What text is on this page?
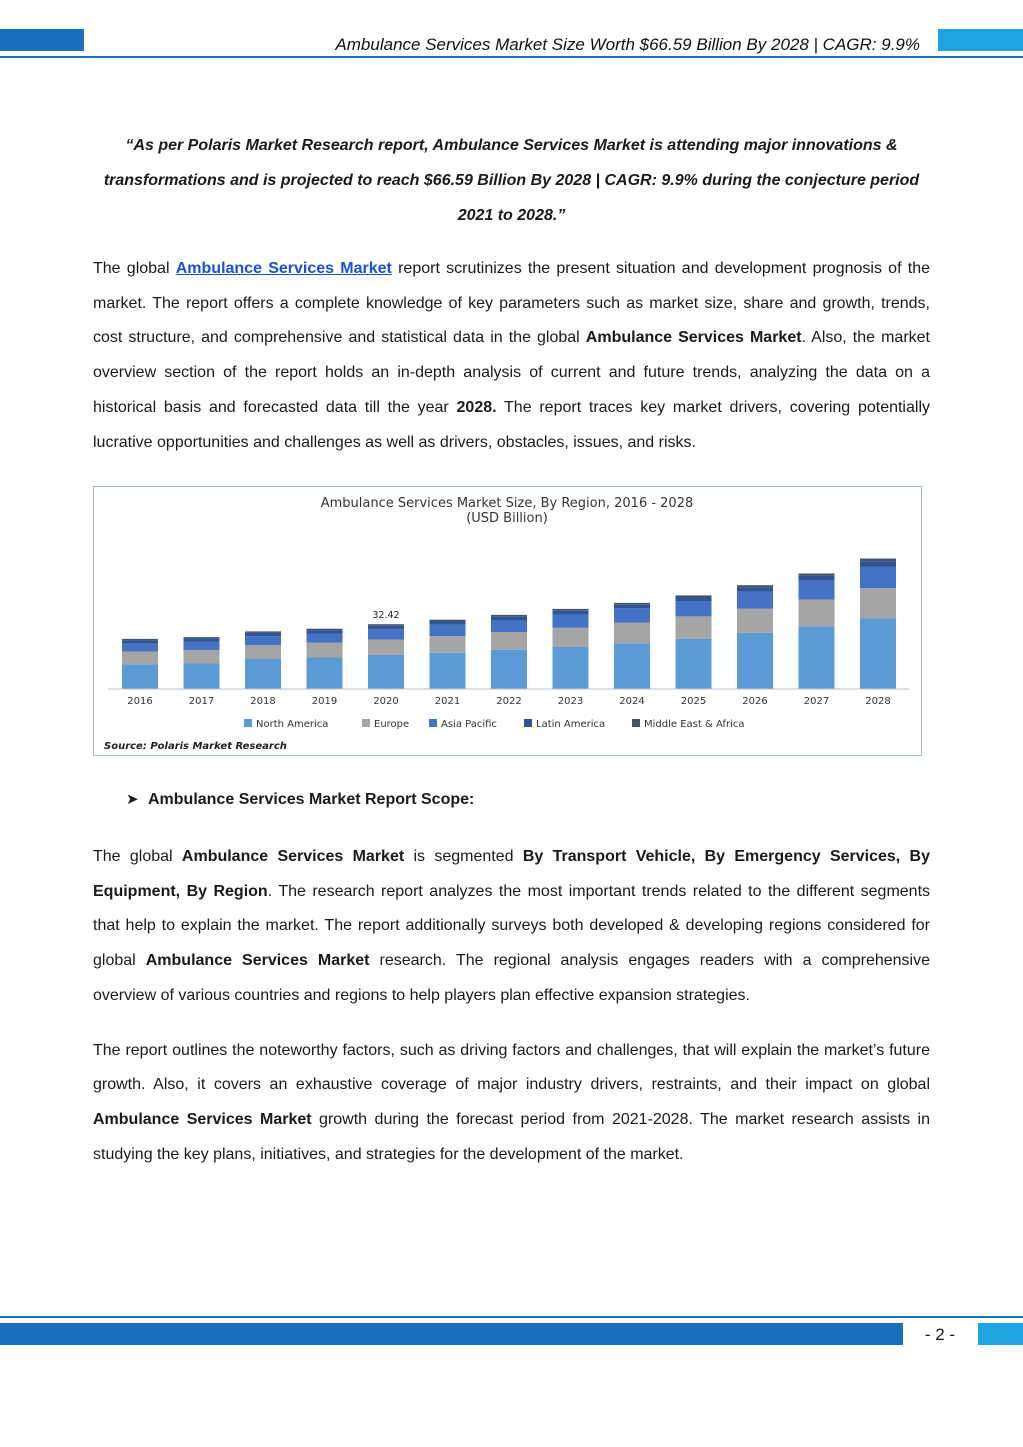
Ambulance Services Market Size Worth $66.59 Billion By 2028 | CAGR: 9.9%

“As per Polaris Market Research report, Ambulance Services Market is attending major innovations &
transformations and is projected to reach $66.59 Billion By 2028 | CAGR: 9.9% during the conjecture period
2021 to 2028.”

The global Ambulance Services Market report scrutinizes the present situation and development prognosis of the market. The report offers a complete knowledge of key parameters such as market size, share and growth, trends, cost structure, and comprehensive and statistical data in the global Ambulance Services Market. Also, the market overview section of the report holds an in-depth analysis of current and future trends, analyzing the data on a historical basis and forecasted data till the year 2028. The report traces key market drivers, covering potentially lucrative opportunities and challenges as well as drivers, obstacles, issues, and risks.

Ambulance Services Market Size, By Region, 2016 - 2028
(USD Billion)
2016	2017	2018	2019	2020	2021	2022	2023	2024	2025	2026	2027	2028
32.42
North America	Europe	Asia Pacific	Latin America	Middle East & Africa
Source: Polaris Market Research
➤ Ambulance Services Market Report Scope:

The global Ambulance Services Market is segmented By Transport Vehicle, By Emergency Services, By Equipment, By Region. The research report analyzes the most important trends related to the different segments that help to explain the market. The report additionally surveys both developed & developing regions considered for global Ambulance Services Market research. The regional analysis engages readers with a comprehensive overview of various countries and regions to help players plan effective expansion strategies.

The report outlines the noteworthy factors, such as driving factors and challenges, that will explain the market’s future growth. Also, it covers an exhaustive coverage of major industry drivers, restraints, and their impact on global Ambulance Services Market growth during the forecast period from 2021-2028. The market research assists in studying the key plans, initiatives, and strategies for the development of the market.

- 2 -
